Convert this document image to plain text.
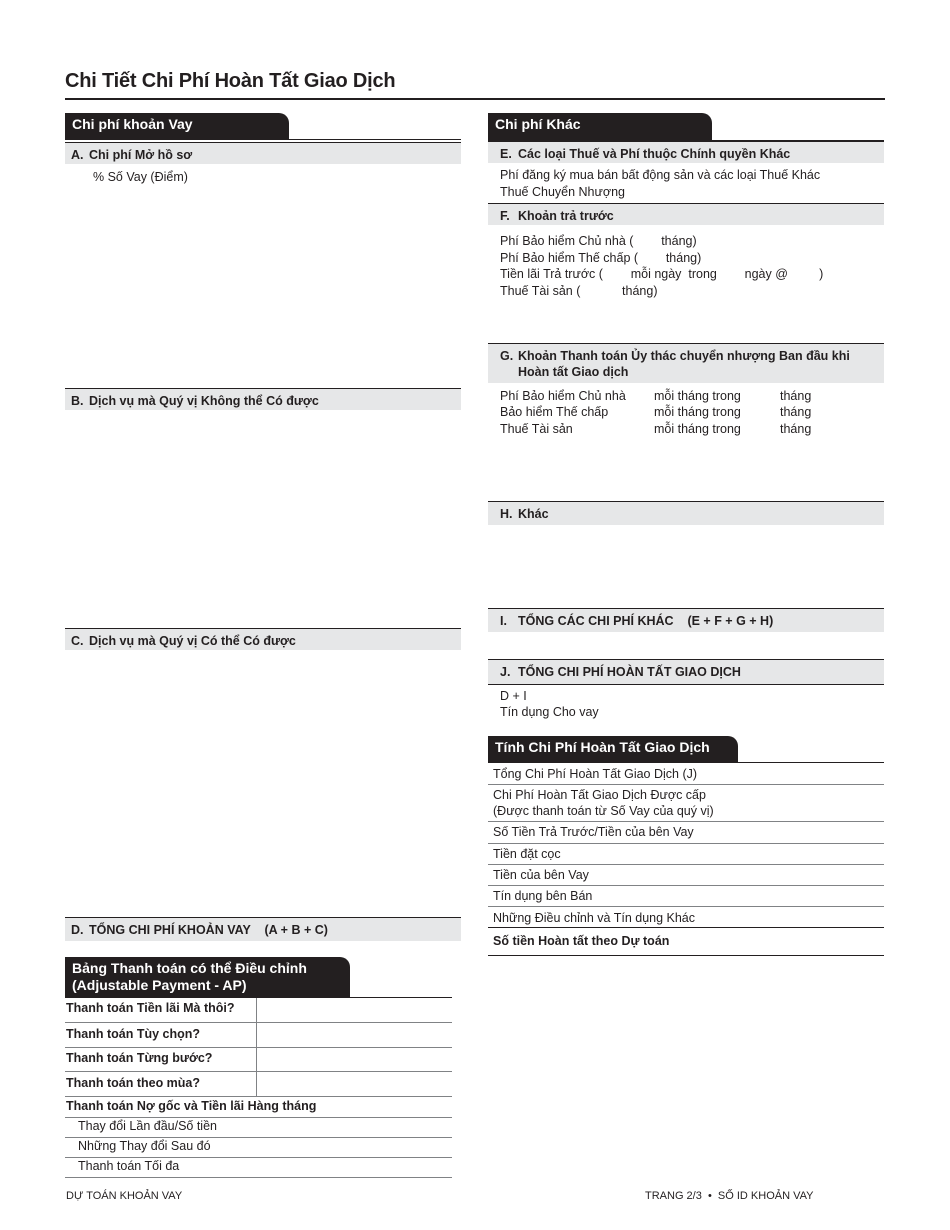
Chi Tiết Chi Phí Hoàn Tất Giao Dịch
Chi phí khoản Vay
A. Chi phí Mở hồ sơ
% Số Vay (Điểm)
B. Dịch vụ mà Quý vị Không thể Có được
C. Dịch vụ mà Quý vị Có thể Có được
D. TỔNG CHI PHÍ KHOẢN VAY    (A + B + C)
Bảng Thanh toán có thể Điều chỉnh
(Adjustable Payment - AP)
Thanh toán Tiền lãi Mà thôi?
Thanh toán Tùy chọn?
Thanh toán Từng bước?
Thanh toán theo mùa?
Thanh toán Nợ gốc và Tiền lãi Hàng tháng
Thay đổi Lần đầu/Số tiền
Những Thay đổi Sau đó
Thanh toán Tối đa
Chi phí Khác
E. Các loại Thuế và Phí thuộc Chính quyền Khác
Phí đăng ký mua bán bất động sản và các loại Thuế Khác
Thuế Chuyển Nhượng
F. Khoản trả trước
Phí Bảo hiểm Chủ nhà (        tháng)
Phí Bảo hiểm Thế chấp (        tháng)
Tiền lãi Trả trước (        mỗi ngày  trong        ngày @         )
Thuế Tài sản (            tháng)
G. Khoản Thanh toán Ủy thác chuyển nhượng Ban đầu khi
Hoàn tất Giao dịch
Phí Bảo hiểm Chủ nhà mỗi tháng trong	tháng
Bảo hiểm Thế chấp	mỗi tháng trong	tháng
Thuế Tài sản	mỗi tháng trong	tháng
H. Khác
I. TỔNG CÁC CHI PHÍ KHÁC    (E + F + G + H)
J. TỔNG CHI PHÍ HOÀN TẤT GIAO DỊCH
D + I
Tín dụng Cho vay
Tính Chi Phí Hoàn Tất Giao Dịch
Tổng Chi Phí Hoàn Tất Giao Dịch (J)
Chi Phí Hoàn Tất Giao Dịch Được cấp
(Được thanh toán từ Số Vay của quý vị)
Số Tiền Trả Trước/Tiền của bên Vay
Tiền đặt cọc
Tiền của bên Vay
Tín dụng bên Bán
Những Điều chỉnh và Tín dụng Khác
Số tiền Hoàn tất theo Dự toán
DỰ TOÁN KHOẢN VAY	TRANG 2/3  •  SỐ ID KHOẢN VAY
